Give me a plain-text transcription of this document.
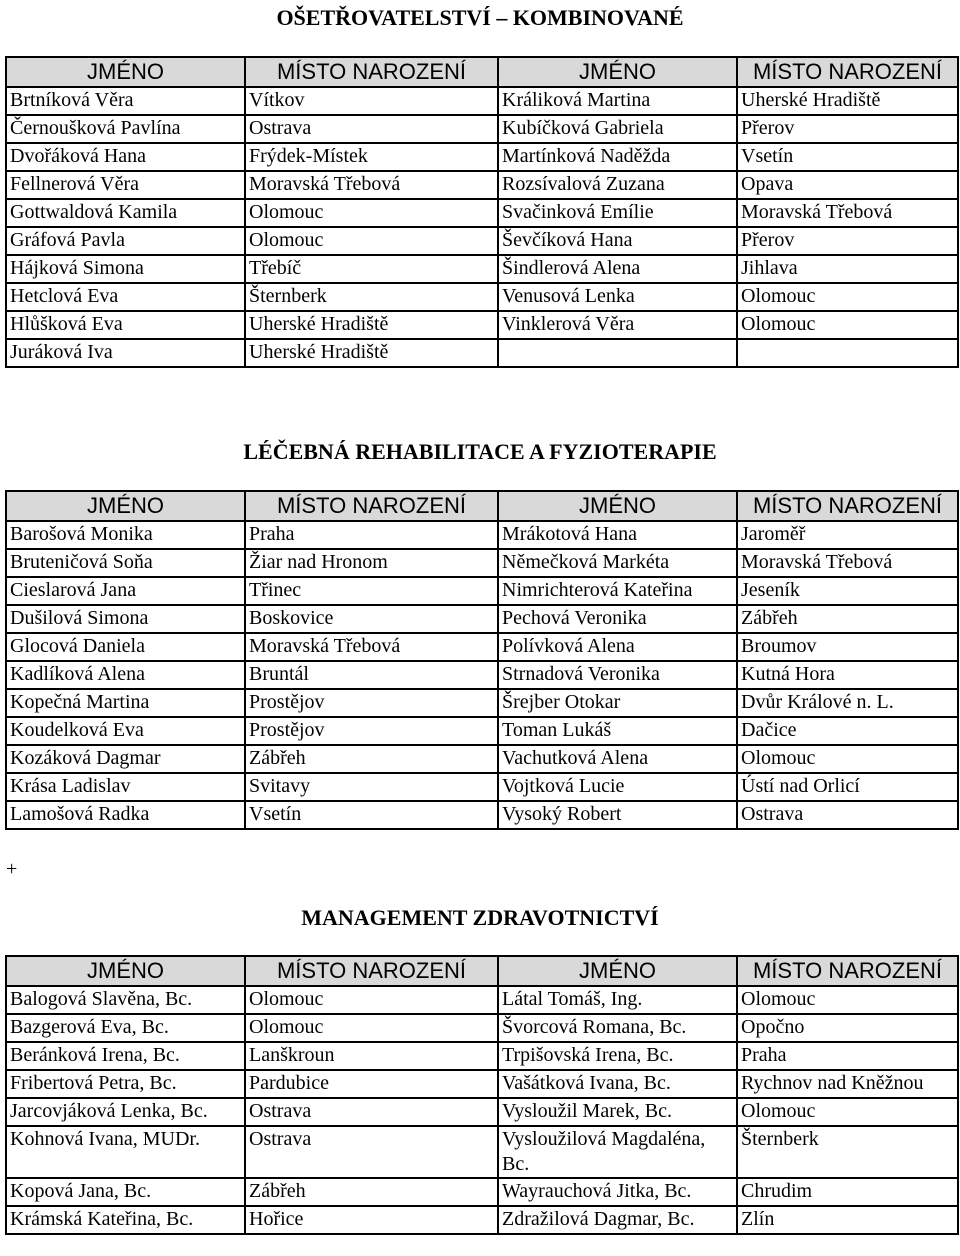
OŠETŘOVATELSTVÍ – KOMBINOVANÉ
JMÉNO	MÍSTO NAROZENÍ	JMÉNO	MÍSTO NAROZENÍ
Brtníková Věra	Vítkov	Králiková Martina	Uherské Hradiště
Černoušková Pavlína	Ostrava	Kubíčková Gabriela	Přerov
Dvořáková Hana	Frýdek-Místek	Martínková Naděžda	Vsetín
Fellnerová Věra	Moravská Třebová	Rozsívalová Zuzana	Opava
Gottwaldová Kamila	Olomouc	Svačinková Emílie	Moravská Třebová
Gráfová Pavla	Olomouc	Ševčíková Hana	Přerov
Hájková Simona	Třebíč	Šindlerová Alena	Jihlava
Hetclová Eva	Šternberk	Venusová Lenka	Olomouc
Hlůšková Eva	Uherské Hradiště	Vinklerová Věra	Olomouc
Juráková Iva	Uherské Hradiště		
LÉČEBNÁ REHABILITACE A FYZIOTERAPIE
JMÉNO	MÍSTO NAROZENÍ	JMÉNO	MÍSTO NAROZENÍ
Barošová Monika	Praha	Mrákotová Hana	Jaroměř
Bruteničová Soňa	Žiar nad Hronom	Němečková Markéta	Moravská Třebová
Cieslarová Jana	Třinec	Nimrichterová Kateřina	Jeseník
Dušilová Simona	Boskovice	Pechová Veronika	Zábřeh
Glocová Daniela	Moravská Třebová	Polívková Alena	Broumov
Kadlíková Alena	Bruntál	Strnadová Veronika	Kutná Hora
Kopečná Martina	Prostějov	Šrejber Otokar	Dvůr Králové n. L.
Koudelková Eva	Prostějov	Toman Lukáš	Dačice
Kozáková Dagmar	Zábřeh	Vachutková Alena	Olomouc
Krása Ladislav	Svitavy	Vojtková Lucie	Ústí nad Orlicí
Lamošová Radka	Vsetín	Vysoký Robert	Ostrava
+
MANAGEMENT ZDRAVOTNICTVÍ
JMÉNO	MÍSTO NAROZENÍ	JMÉNO	MÍSTO NAROZENÍ
Balogová Slavěna, Bc.	Olomouc	Látal Tomáš, Ing.	Olomouc
Bazgerová Eva, Bc.	Olomouc	Švorcová Romana, Bc.	Opočno
Beránková Irena, Bc.	Lanškroun	Trpišovská Irena, Bc.	Praha
Fribertová Petra, Bc.	Pardubice	Vašátková Ivana, Bc.	Rychnov nad Kněžnou
Jarcovjáková Lenka, Bc.	Ostrava	Vysloužil Marek, Bc.	Olomouc
Kohnová Ivana, MUDr.	Ostrava	Vysloužilová Magdaléna, Bc.	Šternberk
Kopová Jana, Bc.	Zábřeh	Wayrauchová Jitka, Bc.	Chrudim
Krámská Kateřina, Bc.	Hořice	Zdražilová Dagmar, Bc.	Zlín
